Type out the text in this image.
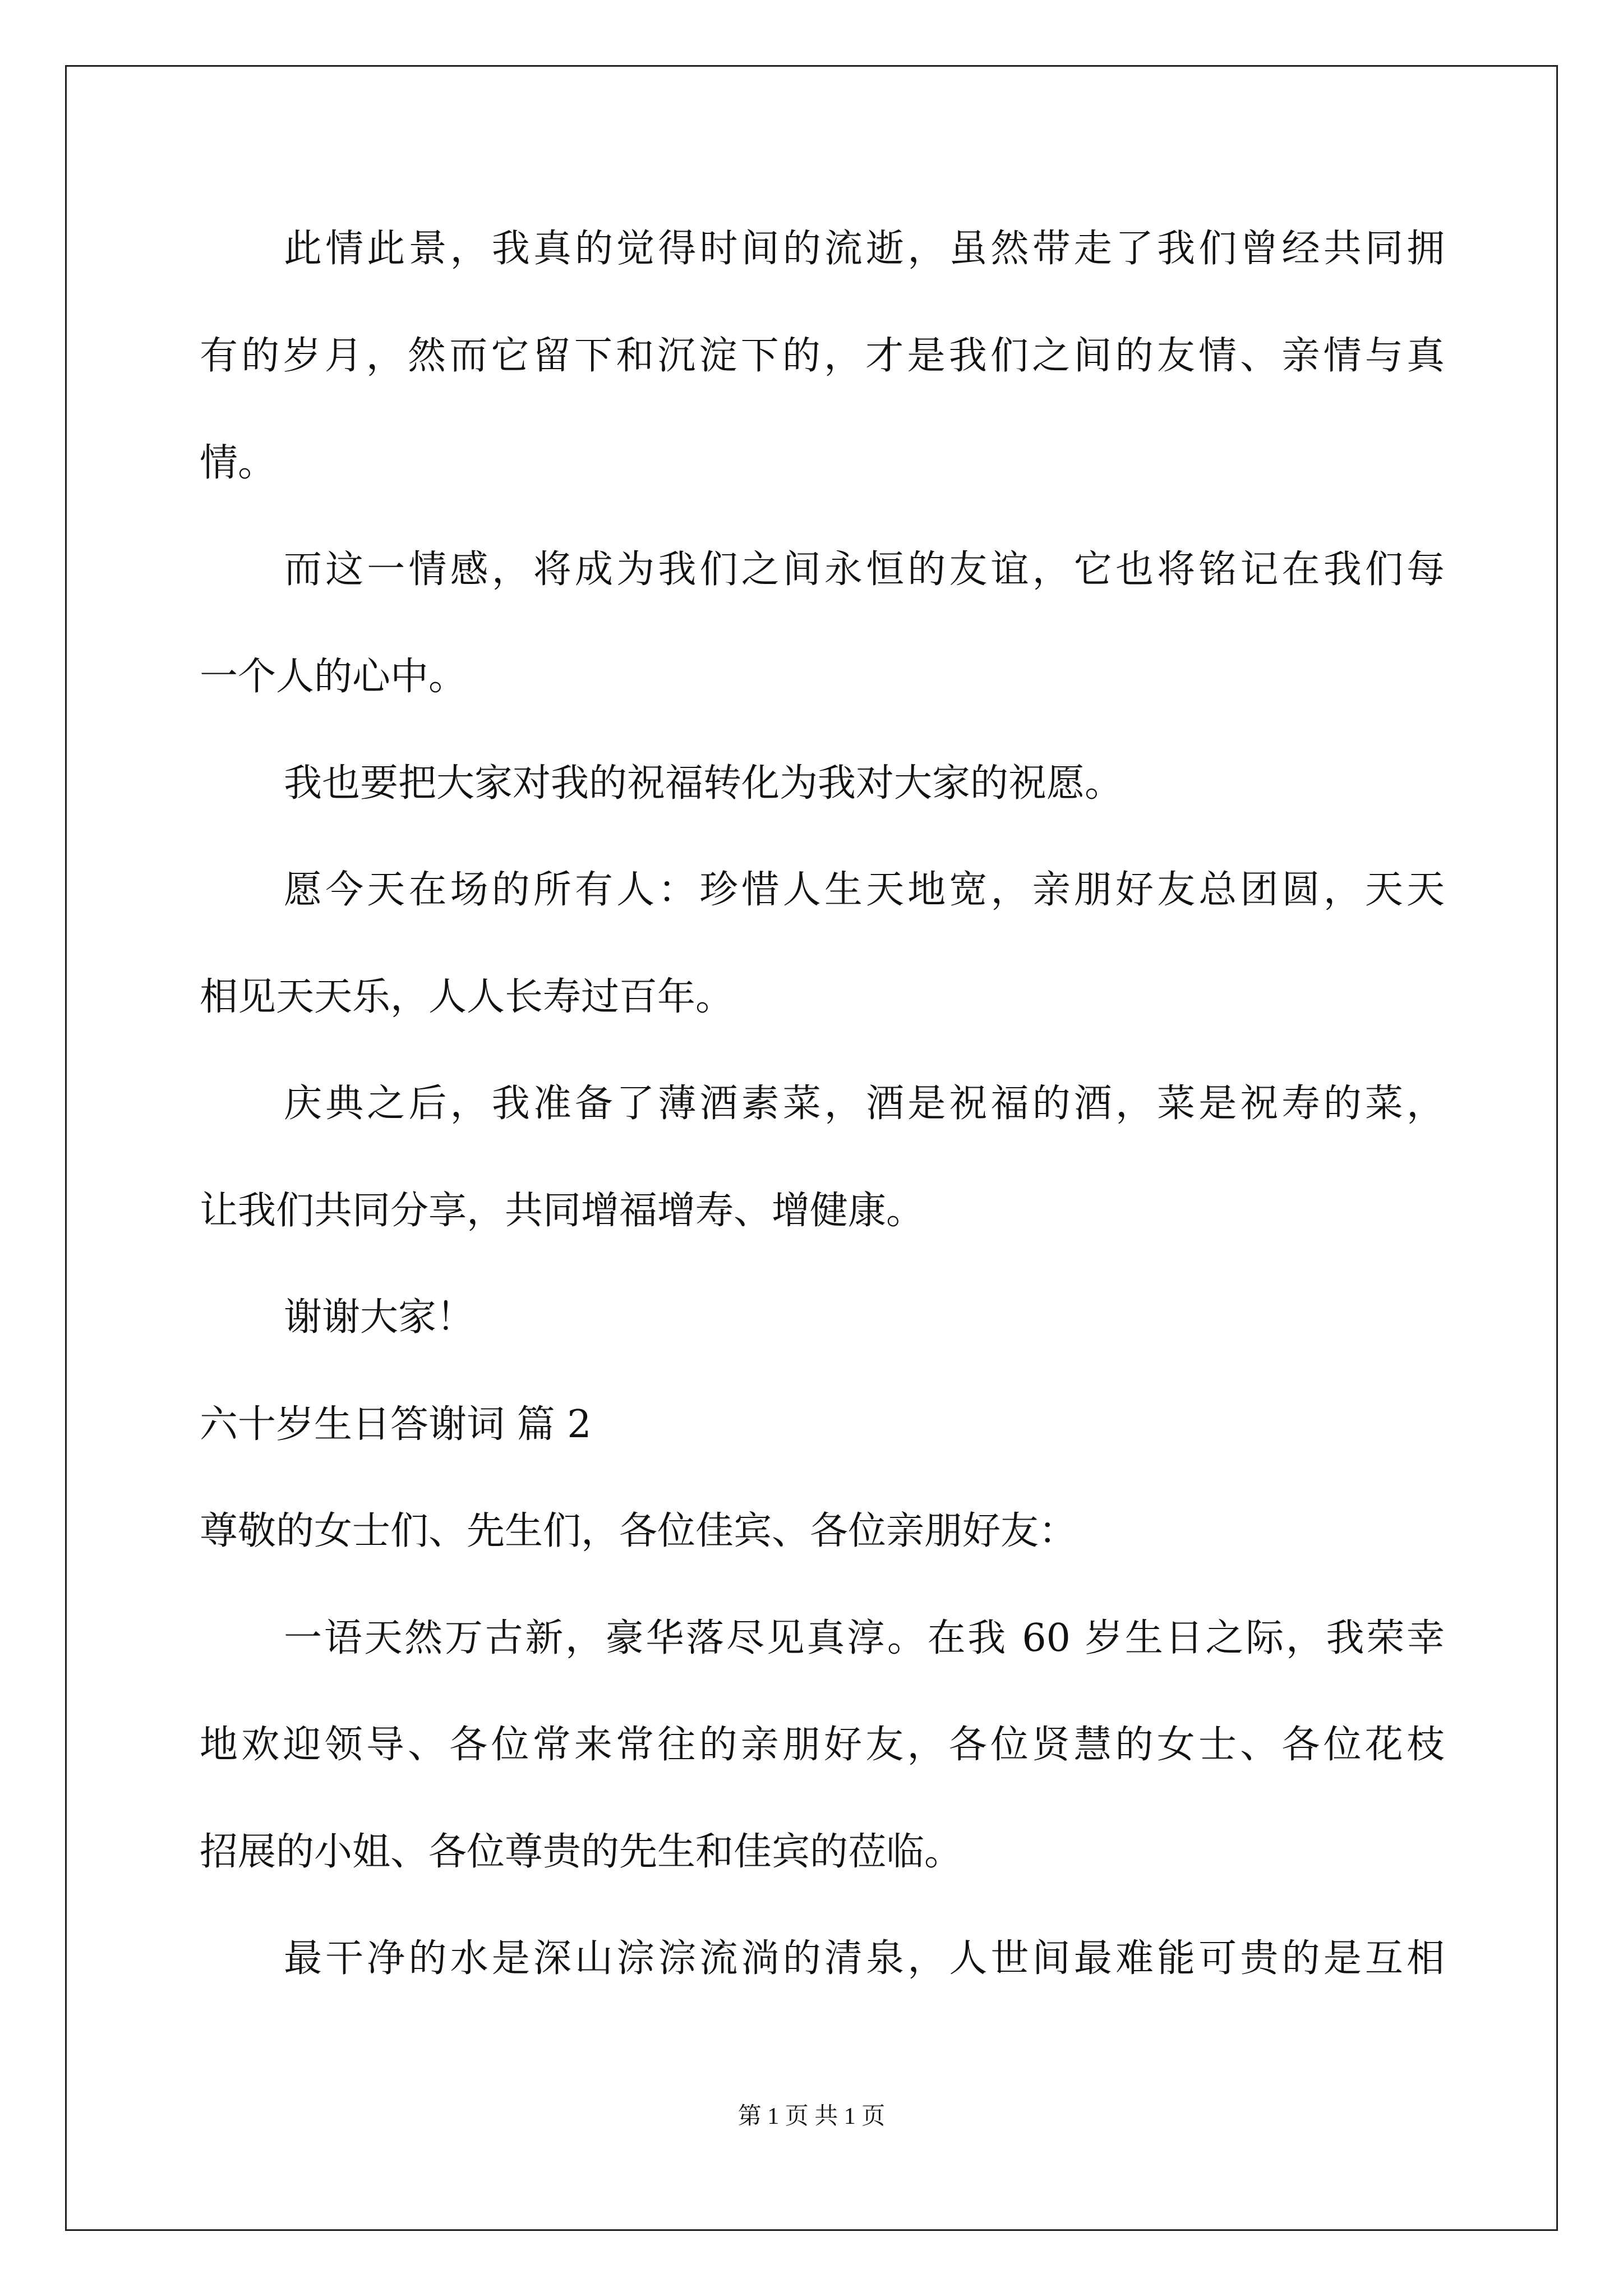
此情此景，我真的觉得时间的流逝，虽然带走了我们曾经共同拥
有的岁月，然而它留下和沉淀下的，才是我们之间的友情、亲情与真
情。
而这一情感，将成为我们之间永恒的友谊，它也将铭记在我们每
一个人的心中。
我也要把大家对我的祝福转化为我对大家的祝愿。
愿今天在场的所有人：珍惜人生天地宽，亲朋好友总团圆，天天
相见天天乐，人人长寿过百年。
庆典之后，我准备了薄酒素菜，酒是祝福的酒，菜是祝寿的菜，
让我们共同分享，共同增福增寿、增健康。
谢谢大家！
六十岁生日答谢词 篇 2
尊敬的女士们、先生们，各位佳宾、各位亲朋好友：
一语天然万古新，豪华落尽见真淳。在我 60 岁生日之际，我荣幸
地欢迎领导、各位常来常往的亲朋好友，各位贤慧的女士、各位花枝
招展的小姐、各位尊贵的先生和佳宾的莅临。
最干净的水是深山淙淙流淌的清泉，人世间最难能可贵的是互相
第 1 页 共 1 页
